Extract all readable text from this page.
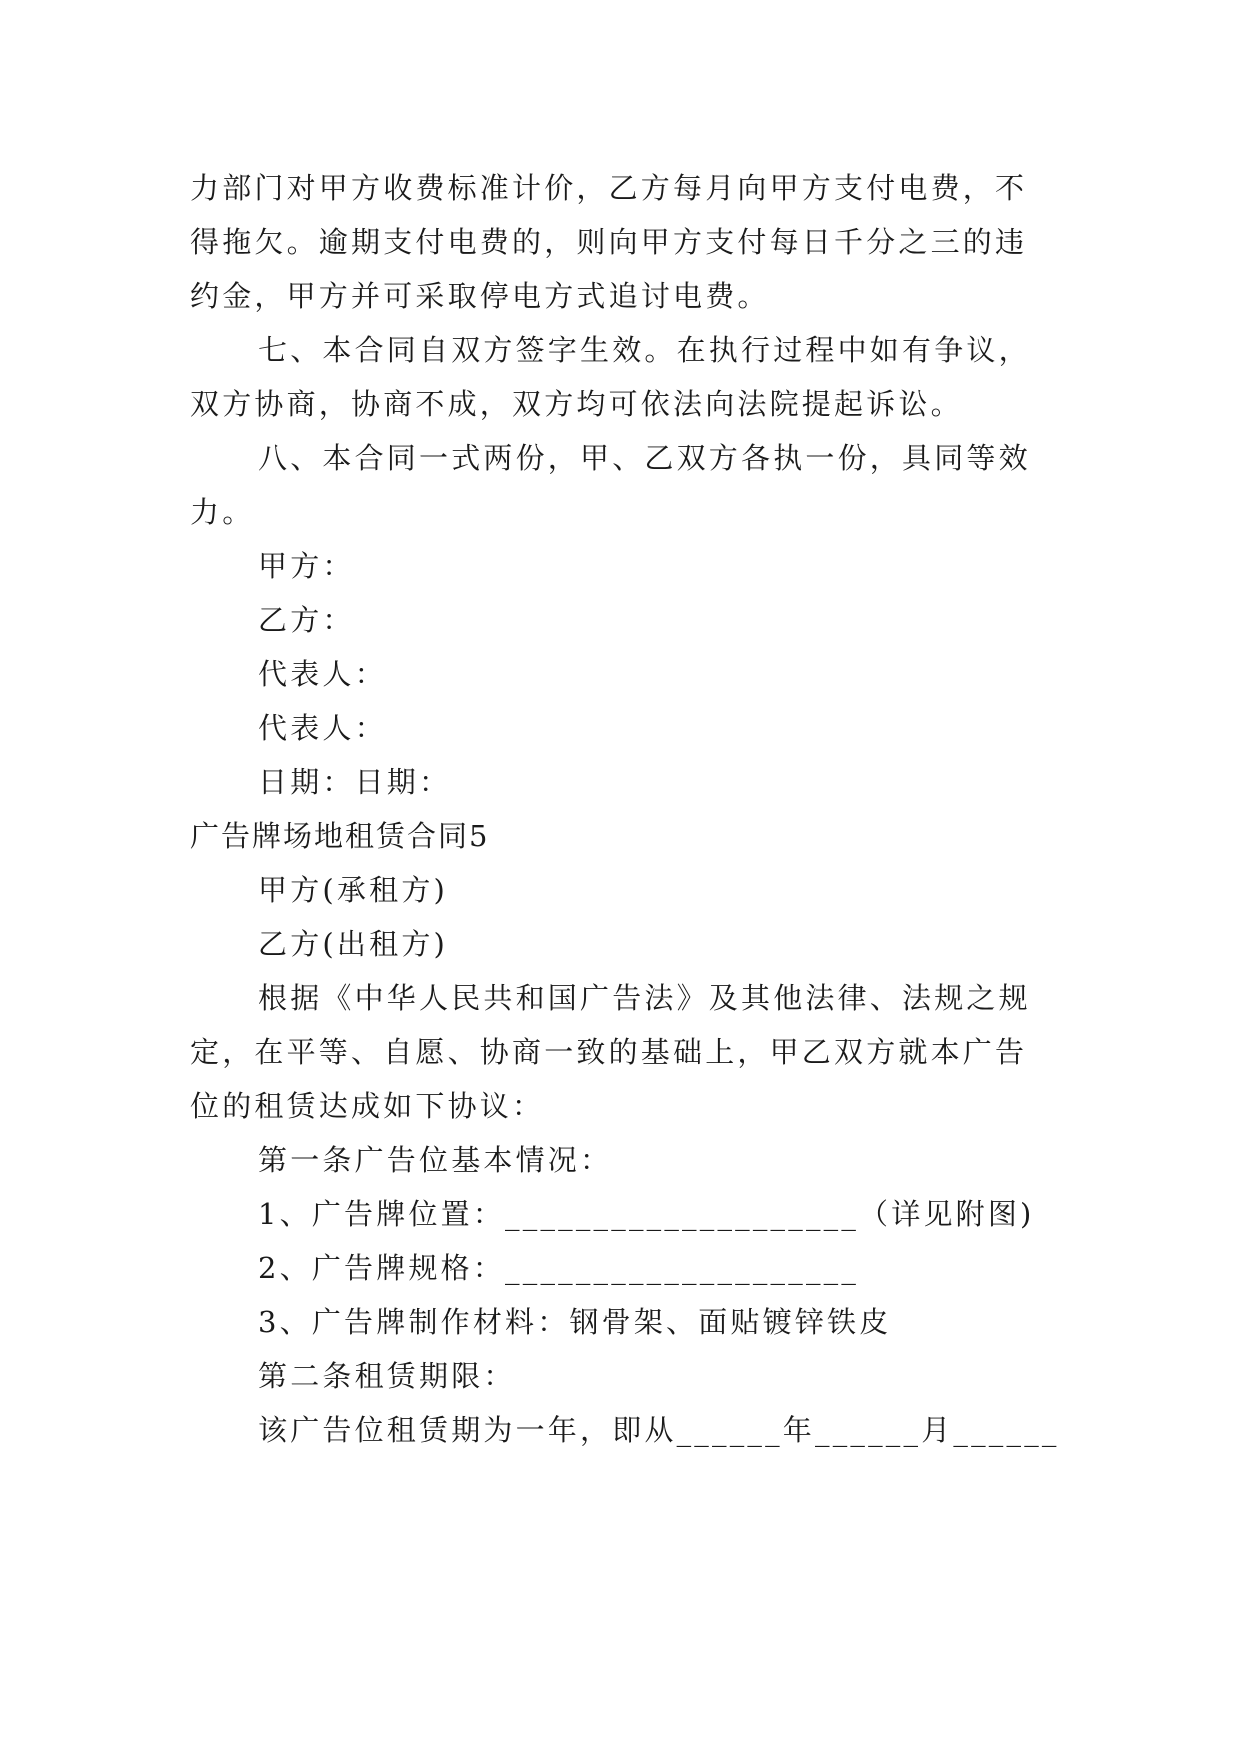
力部门对甲方收费标准计价，乙方每月向甲方支付电费，不
得拖欠。逾期支付电费的，则向甲方支付每日千分之三的违
约金，甲方并可采取停电方式追讨电费。
七、本合同自双方签字生效。在执行过程中如有争议，
双方协商，协商不成，双方均可依法向法院提起诉讼。
八、本合同一式两份，甲、乙双方各执一份，具同等效
力。
甲方：
乙方：
代表人：
代表人：
日期：日期：
广告牌场地租赁合同5
甲方(承租方)
乙方(出租方)
根据《中华人民共和国广告法》及其他法律、法规之规
定，在平等、自愿、协商一致的基础上，甲乙双方就本广告
位的租赁达成如下协议：
第一条广告位基本情况：
1、广告牌位置：____________________（详见附图)
2、广告牌规格：____________________
3、广告牌制作材料：钢骨架、面贴镀锌铁皮
第二条租赁期限：
该广告位租赁期为一年，即从______年______月______
